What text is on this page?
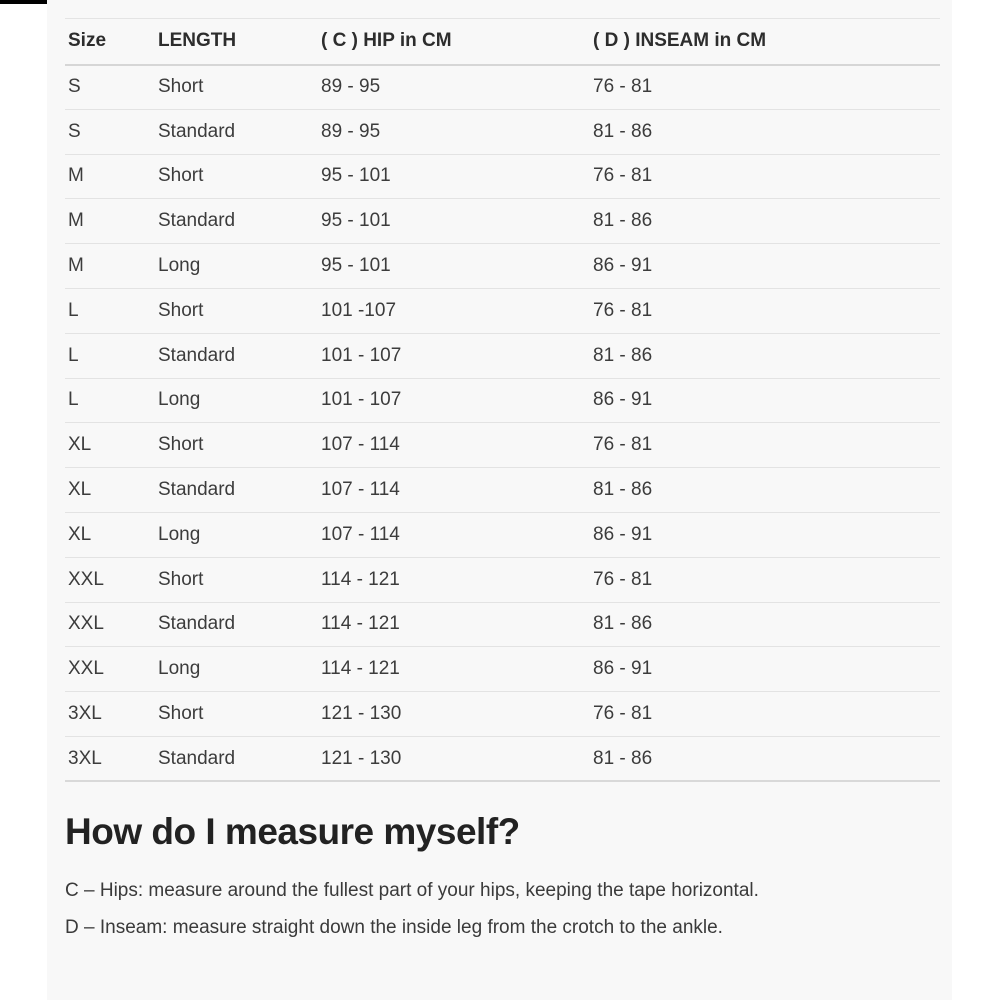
Size	LENGTH	( C ) HIP in CM	( D ) INSEAM in CM
S	Short	89 - 95	76 - 81
S	Standard	89 - 95	81 - 86
M	Short	95 - 101	76 - 81
M	Standard	95 - 101	81 - 86
M	Long	95 - 101	86 - 91
L	Short	101 -107	76 - 81
L	Standard	101 - 107	81 - 86
L	Long	101 - 107	86 - 91
XL	Short	107 - 114	76 - 81
XL	Standard	107 - 114	81 - 86
XL	Long	107 - 114	86 - 91
XXL	Short	114 - 121	76 - 81
XXL	Standard	114 - 121	81 - 86
XXL	Long	114 - 121	86 - 91
3XL	Short	121 - 130	76 - 81
3XL	Standard	121 - 130	81 - 86
How do I measure myself?

C – Hips: measure around the fullest part of your hips, keeping the tape horizontal.

D – Inseam: measure straight down the inside leg from the crotch to the ankle.
